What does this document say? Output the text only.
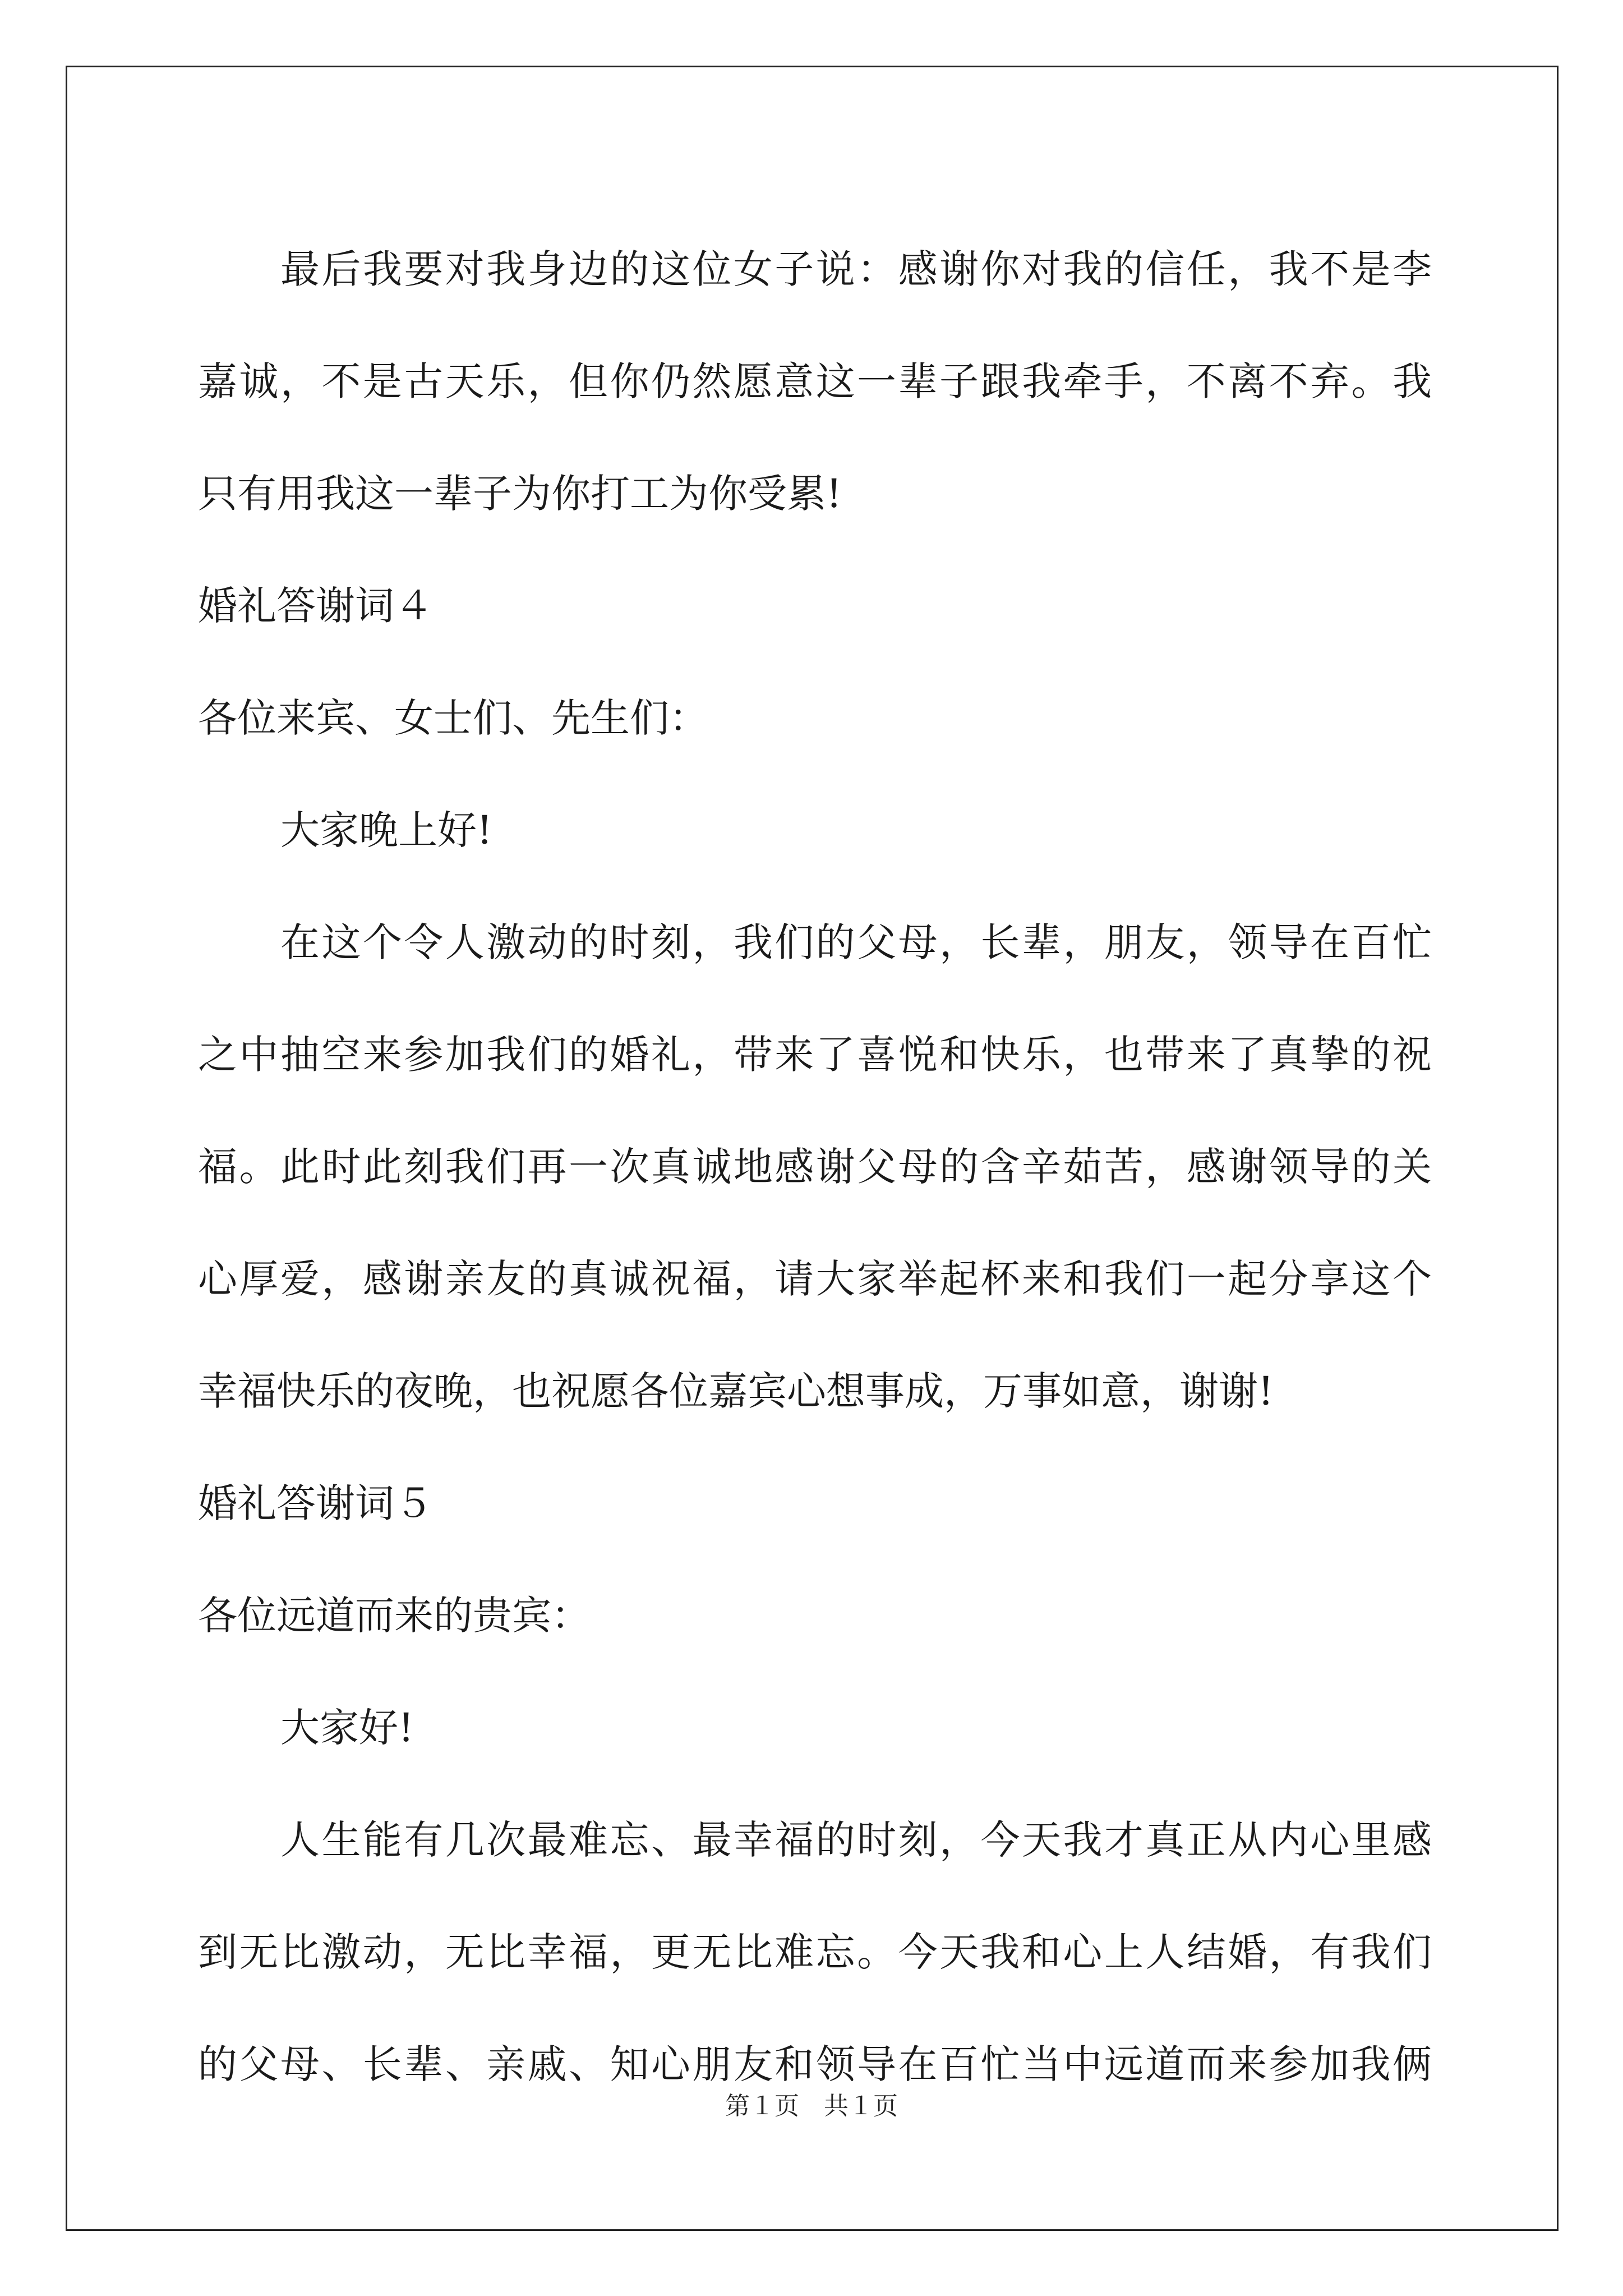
最后我要对我身边的这位女子说：感谢你对我的信任，我不是李
嘉诚，不是古天乐，但你仍然愿意这一辈子跟我牵手，不离不弃。我
只有用我这一辈子为你打工为你受累!
婚礼答谢词４
各位来宾、女士们、先生们：
大家晚上好!
在这个令人激动的时刻，我们的父母，长辈，朋友，领导在百忙
之中抽空来参加我们的婚礼，带来了喜悦和快乐，也带来了真挚的祝
福。此时此刻我们再一次真诚地感谢父母的含辛茹苦，感谢领导的关
心厚爱，感谢亲友的真诚祝福，请大家举起杯来和我们一起分享这个
幸福快乐的夜晚，也祝愿各位嘉宾心想事成，万事如意，谢谢!
婚礼答谢词５
各位远道而来的贵宾：
大家好!
人生能有几次最难忘、最幸福的时刻，今天我才真正从内心里感
到无比激动，无比幸福，更无比难忘。今天我和心上人结婚，有我们
的父母、长辈、亲戚、知心朋友和领导在百忙当中远道而来参加我俩
第１页　共１页
